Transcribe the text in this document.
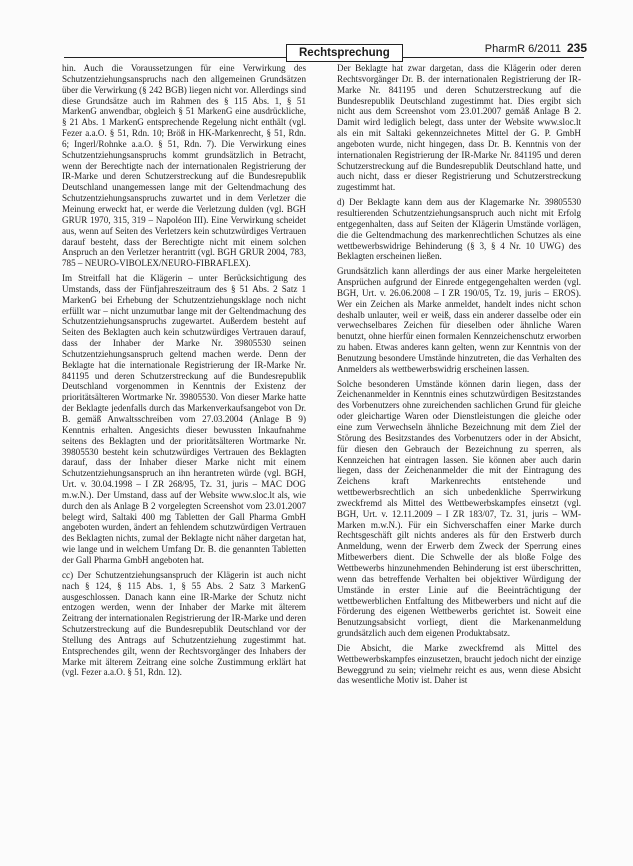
Rechtsprechung	PharmR 6/2011 235

hin. Auch die Voraussetzungen für eine Verwirkung des Schutzentziehungsanspruchs nach den allgemeinen Grundsätzen über die Verwirkung (§ 242 BGB) liegen nicht vor. Allerdings sind diese Grundsätze auch im Rahmen des § 115 Abs. 1, § 51 MarkenG anwendbar, obgleich § 51 MarkenG eine ausdrückliche, § 21 Abs. 1 MarkenG entsprechende Regelung nicht enthält (vgl. Fezer a.a.O. § 51, Rdn. 10; Bröß in HK-Markenrecht, § 51, Rdn. 6; Ingerl/Rohnke a.a.O. § 51, Rdn. 7). Die Verwirkung eines Schutzentziehungsanspruchs kommt grundsätzlich in Betracht, wenn der Berechtigte nach der internationalen Registrierung der IR-Marke und deren Schutzerstreckung auf die Bundesrepublik Deutschland unangemessen lange mit der Geltendmachung des Schutzentziehungsanspruchs zuwartet und in dem Verletzer die Meinung erweckt hat, er werde die Verletzung dulden (vgl. BGH GRUR 1970, 315, 319 – Napoléon III). Eine Verwirkung scheidet aus, wenn auf Seiten des Verletzers kein schutzwürdiges Vertrauen darauf besteht, dass der Berechtigte nicht mit einem solchen Anspruch an den Verletzer herantritt (vgl. BGH GRUR 2004, 783, 785 – NEURO-VIBOLEX/NEURO-FIBRAFLEX).

Im Streitfall hat die Klägerin – unter Berücksichtigung des Umstands, dass der Fünfjahreszeitraum des § 51 Abs. 2 Satz 1 MarkenG bei Erhebung der Schutzentziehungsklage noch nicht erfüllt war – nicht unzumutbar lange mit der Geltendmachung des Schutzentziehungsanspruchs zugewartet. Außerdem besteht auf Seiten des Beklagten auch kein schutzwürdiges Vertrauen darauf, dass der Inhaber der Marke Nr. 39805530 seinen Schutzentziehungsanspruch geltend machen werde. Denn der Beklagte hat die internationale Registrierung der IR-Marke Nr. 841195 und deren Schutzerstreckung auf die Bundesrepublik Deutschland vorgenommen in Kenntnis der Existenz der prioritätsälteren Wortmarke Nr. 39805530. Von dieser Marke hatte der Beklagte jedenfalls durch das Markenverkaufsangebot von Dr. B. gemäß Anwaltsschreiben vom 27.03.2004 (Anlage B 9) Kenntnis erhalten. Angesichts dieser bewussten Inkaufnahme seitens des Beklagten und der prioritätsälteren Wortmarke Nr. 39805530 besteht kein schutzwürdiges Vertrauen des Beklagten darauf, dass der Inhaber dieser Marke nicht mit einem Schutzentziehungsanspruch an ihn herantreten würde (vgl. BGH, Urt. v. 30.04.1998 – I ZR 268/95, Tz. 31, juris – MAC DOG m.w.N.). Der Umstand, dass auf der Website www.sloc.lt als, wie durch den als Anlage B 2 vorgelegten Screenshot vom 23.01.2007 belegt wird, Saltaki 400 mg Tabletten der Gall Pharma GmbH angeboten wurden, ändert an fehlendem schutzwürdigen Vertrauen des Beklagten nichts, zumal der Beklagte nicht näher dargetan hat, wie lange und in welchem Umfang Dr. B. die genannten Tabletten der Gall Pharma GmbH angeboten hat.

cc) Der Schutzentziehungsanspruch der Klägerin ist auch nicht nach § 124, § 115 Abs. 1, § 55 Abs. 2 Satz 3 MarkenG ausgeschlossen. Danach kann eine IR-Marke der Schutz nicht entzogen werden, wenn der Inhaber der Marke mit älterem Zeitrang der internationalen Registrierung der IR-Marke und deren Schutzerstreckung auf die Bundesrepublik Deutschland vor der Stellung des Antrags auf Schutzentziehung zugestimmt hat. Entsprechendes gilt, wenn der Rechtsvorgänger des Inhabers der Marke mit älterem Zeitrang eine solche Zustimmung erklärt hat (vgl. Fezer a.a.O. § 51, Rdn. 12).

Der Beklagte hat zwar dargetan, dass die Klägerin oder deren Rechtsvorgänger Dr. B. der internationalen Registrierung der IR-Marke Nr. 841195 und deren Schutzerstreckung auf die Bundesrepublik Deutschland zugestimmt hat. Dies ergibt sich nicht aus dem Screenshot vom 23.01.2007 gemäß Anlage B 2. Damit wird lediglich belegt, dass unter der Website www.sloc.lt als ein mit Saltaki gekennzeichnetes Mittel der G. P. GmbH angeboten wurde, nicht hingegen, dass Dr. B. Kenntnis von der internationalen Registrierung der IR-Marke Nr. 841195 und deren Schutzerstreckung auf die Bundesrepublik Deutschland hatte, und auch nicht, dass er dieser Registrierung und Schutzerstreckung zugestimmt hat.

d) Der Beklagte kann dem aus der Klagemarke Nr. 39805530 resultierenden Schutzentziehungsanspruch auch nicht mit Erfolg entgegenhalten, dass auf Seiten der Klägerin Umstände vorlägen, die die Geltendmachung des markenrechtlichen Schutzes als eine wettbewerbswidrige Behinderung (§ 3, § 4 Nr. 10 UWG) des Beklagten erscheinen ließen.

Grundsätzlich kann allerdings der aus einer Marke hergeleiteten Ansprüchen aufgrund der Einrede entgegengehalten werden (vgl. BGH, Urt. v. 26.06.2008 – I ZR 190/05, Tz. 19, juris – EROS). Wer ein Zeichen als Marke anmeldet, handelt indes nicht schon deshalb unlauter, weil er weiß, dass ein anderer dasselbe oder ein verwechselbares Zeichen für dieselben oder ähnliche Waren benutzt, ohne hierfür einen formalen Kennzeichenschutz erworben zu haben. Etwas anderes kann gelten, wenn zur Kenntnis von der Benutzung besondere Umstände hinzutreten, die das Verhalten des Anmelders als wettbewerbswidrig erscheinen lassen.

Solche besonderen Umstände können darin liegen, dass der Zeichenanmelder in Kenntnis eines schutzwürdigen Besitzstandes des Vorbenutzers ohne zureichenden sachlichen Grund für gleiche oder gleichartige Waren oder Dienstleistungen die gleiche oder eine zum Verwechseln ähnliche Bezeichnung mit dem Ziel der Störung des Besitzstandes des Vorbenutzers oder in der Absicht, für diesen den Gebrauch der Bezeichnung zu sperren, als Kennzeichen hat eintragen lassen. Sie können aber auch darin liegen, dass der Zeichenanmelder die mit der Eintragung des Zeichens kraft Markenrechts entstehende und wettbewerbsrechtlich an sich unbedenkliche Sperrwirkung zweckfremd als Mittel des Wettbewerbskampfes einsetzt (vgl. BGH, Urt. v. 12.11.2009 – I ZR 183/07, Tz. 31, juris – WM-Marken m.w.N.). Für ein Sichverschaffen einer Marke durch Rechtsgeschäft gilt nichts anderes als für den Erstwerb durch Anmeldung, wenn der Erwerb dem Zweck der Sperrung eines Mitbewerbers dient. Die Schwelle der als bloße Folge des Wettbewerbs hinzunehmenden Behinderung ist erst überschritten, wenn das betreffende Verhalten bei objektiver Würdigung der Umstände in erster Linie auf die Beeinträchtigung der wettbewerblichen Entfaltung des Mitbewerbers und nicht auf die Förderung des eigenen Wettbewerbs gerichtet ist. Soweit eine Benutzungsabsicht vorliegt, dient die Markenanmeldung grundsätzlich auch dem eigenen Produktabsatz.

Die Absicht, die Marke zweckfremd als Mittel des Wettbewerbskampfes einzusetzen, braucht jedoch nicht der einzige Beweggrund zu sein; vielmehr reicht es aus, wenn diese Absicht das wesentliche Motiv ist. Daher ist
